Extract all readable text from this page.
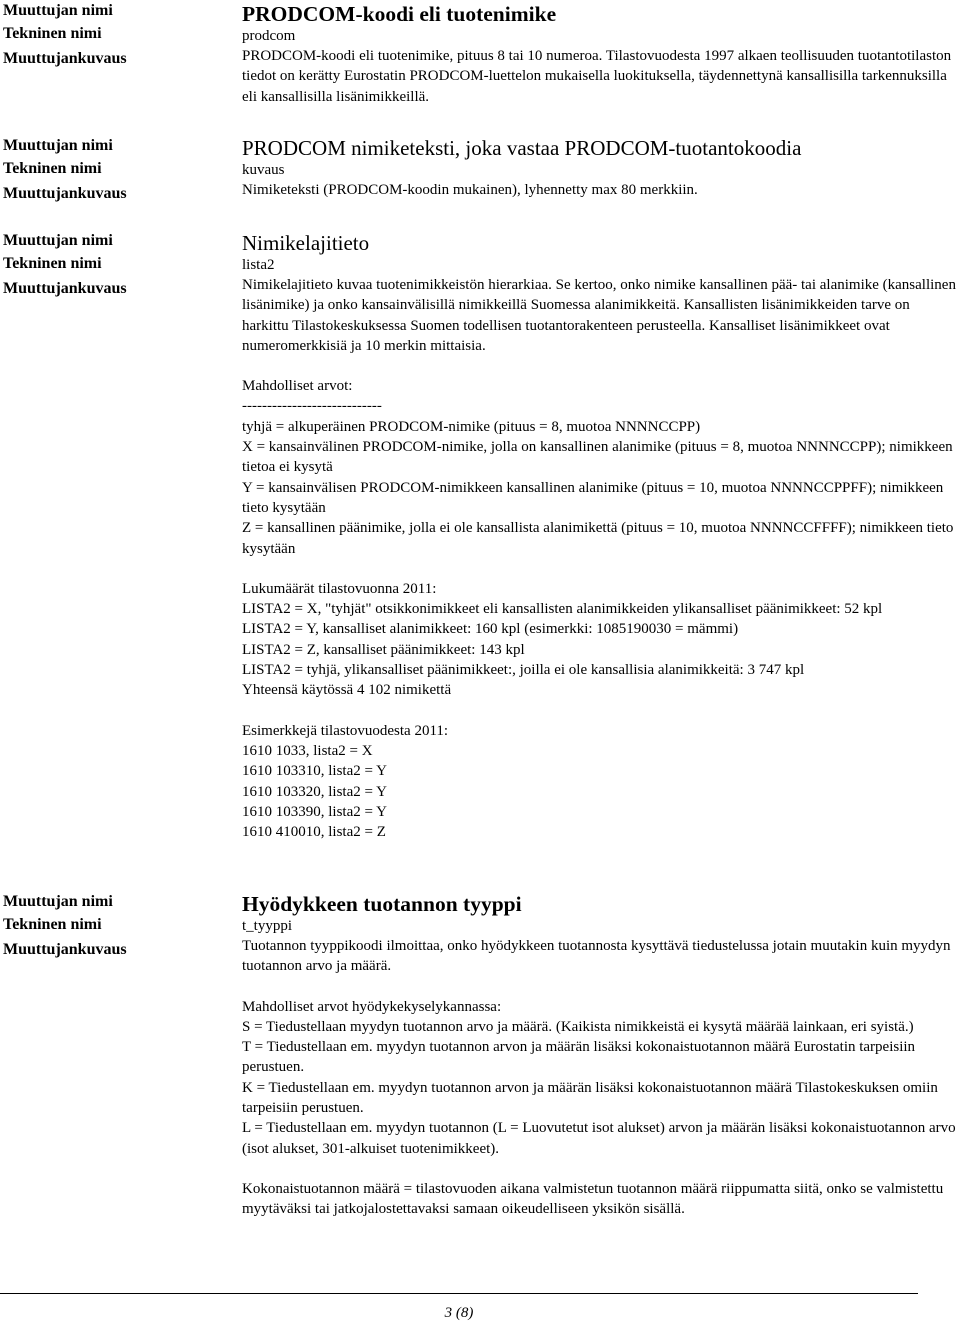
Muuttujan nimi
Tekninen nimi
Muuttujankuvaus
PRODCOM-koodi eli tuotenimike
prodcom

PRODCOM-koodi eli tuotenimike, pituus 8 tai 10 numeroa. Tilastovuodesta 1997 alkaen teollisuuden tuotantotilaston tiedot on kerätty Eurostatin PRODCOM-luettelon mukaisella luokituksella, täydennettynä kansallisilla tarkennuksilla eli kansallisilla lisänimikkeillä.

Muuttujan nimi
Tekninen nimi
Muuttujankuvaus
PRODCOM nimiketeksti, joka vastaa PRODCOM-tuotantokoodia
kuvaus

Nimiketeksti (PRODCOM-koodin mukainen), lyhennetty max 80 merkkiin.

Muuttujan nimi
Tekninen nimi
Muuttujankuvaus
Nimikelajitieto
lista2

Nimikelajitieto kuvaa tuotenimikkeistön hierarkiaa. Se kertoo, onko nimike kansallinen pää- tai alanimike (kansallinen lisänimike) ja onko kansainvälisillä nimikkeillä Suomessa alanimikkeitä. Kansallisten lisänimikkeiden tarve on harkittu Tilastokeskuksessa Suomen todellisen tuotantorakenteen perusteella. Kansalliset lisänimikkeet ovat numeromerkkisiä ja 10 merkin mittaisia.

Mahdolliset arvot:

----------------------------

tyhjä = alkuperäinen PRODCOM-nimike (pituus = 8, muotoa NNNNCCPP)

X = kansainvälinen PRODCOM-nimike, jolla on kansallinen alanimike (pituus = 8, muotoa NNNNCCPP); nimikkeen tietoa ei kysytä

Y = kansainvälisen PRODCOM-nimikkeen kansallinen alanimike (pituus = 10, muotoa NNNNCCPPFF); nimikkeen tieto kysytään

Z = kansallinen päänimike, jolla ei ole kansallista alanimikettä (pituus = 10, muotoa NNNNCCFFFF); nimikkeen tieto kysytään

Lukumäärät tilastovuonna 2011:

LISTA2 = X, "tyhjät" otsikkonimikkeet eli kansallisten alanimikkeiden ylikansalliset päänimikkeet: 52 kpl

LISTA2 = Y, kansalliset alanimikkeet: 160 kpl (esimerkki: 1085190030 = mämmi)

LISTA2 = Z, kansalliset päänimikkeet: 143 kpl

LISTA2 = tyhjä, ylikansalliset päänimikkeet:, joilla ei ole kansallisia alanimikkeitä: 3 747 kpl

Yhteensä käytössä 4 102 nimikettä

Esimerkkejä tilastovuodesta 2011:

1610 1033, lista2 = X

1610 103310, lista2 = Y

1610 103320, lista2 = Y

1610 103390, lista2 = Y

1610 410010, lista2 = Z

Muuttujan nimi
Tekninen nimi
Muuttujankuvaus
Hyödykkeen tuotannon tyyppi
t_tyyppi

Tuotannon tyyppikoodi ilmoittaa, onko hyödykkeen tuotannosta kysyttävä tiedustelussa jotain muutakin kuin myydyn tuotannon arvo ja määrä.

Mahdolliset arvot hyödykekyselykannassa:

S = Tiedustellaan myydyn tuotannon arvo ja määrä. (Kaikista nimikkeistä ei kysytä määrää lainkaan, eri syistä.)

T = Tiedustellaan em. myydyn tuotannon arvon ja määrän lisäksi kokonaistuotannon määrä Eurostatin tarpeisiin perustuen.

K = Tiedustellaan em. myydyn tuotannon arvon ja määrän lisäksi kokonaistuotannon määrä Tilastokeskuksen omiin tarpeisiin perustuen.

L = Tiedustellaan em. myydyn tuotannon (L = Luovutetut isot alukset) arvon ja määrän lisäksi kokonaistuotannon arvo (isot alukset, 301-alkuiset tuotenimikkeet).

Kokonaistuotannon määrä = tilastovuoden aikana valmistetun tuotannon määrä riippumatta siitä, onko se valmistettu myytäväksi tai jatkojalostettavaksi samaan oikeudelliseen yksikön sisällä.

3 (8)
